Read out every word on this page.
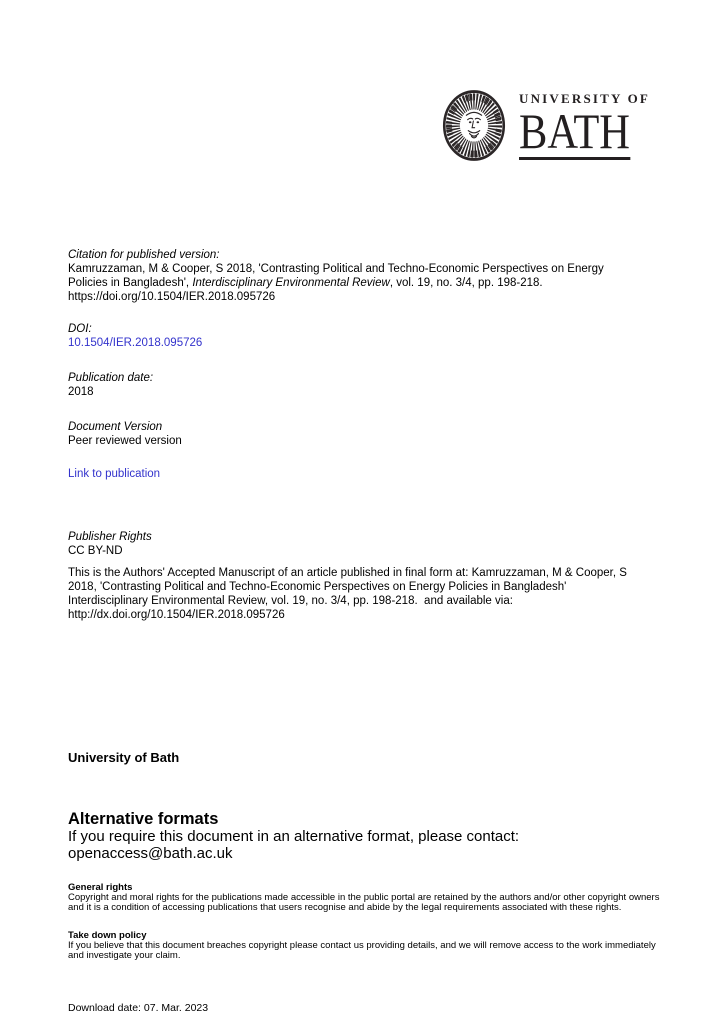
UNIVERSITY OF
BATH
Citation for published version:
Kamruzzaman, M & Cooper, S 2018, 'Contrasting Political and Techno-Economic Perspectives on Energy
Policies in Bangladesh', Interdisciplinary Environmental Review, vol. 19, no. 3/4, pp. 198-218.
https://doi.org/10.1504/IER.2018.095726
DOI:
10.1504/IER.2018.095726
Publication date:
2018
Document Version
Peer reviewed version
Link to publication
Publisher Rights
CC BY-ND
This is the Authors' Accepted Manuscript of an article published in final form at: Kamruzzaman, M & Cooper, S
2018, 'Contrasting Political and Techno-Economic Perspectives on Energy Policies in Bangladesh'
Interdisciplinary Environmental Review, vol. 19, no. 3/4, pp. 198-218.  and available via:
http://dx.doi.org/10.1504/IER.2018.095726
University of Bath
Alternative formats
If you require this document in an alternative format, please contact:
openaccess@bath.ac.uk
General rights
Copyright and moral rights for the publications made accessible in the public portal are retained by the authors and/or other copyright owners
and it is a condition of accessing publications that users recognise and abide by the legal requirements associated with these rights.
Take down policy
If you believe that this document breaches copyright please contact us providing details, and we will remove access to the work immediately
and investigate your claim.
Download date: 07. Mar. 2023
